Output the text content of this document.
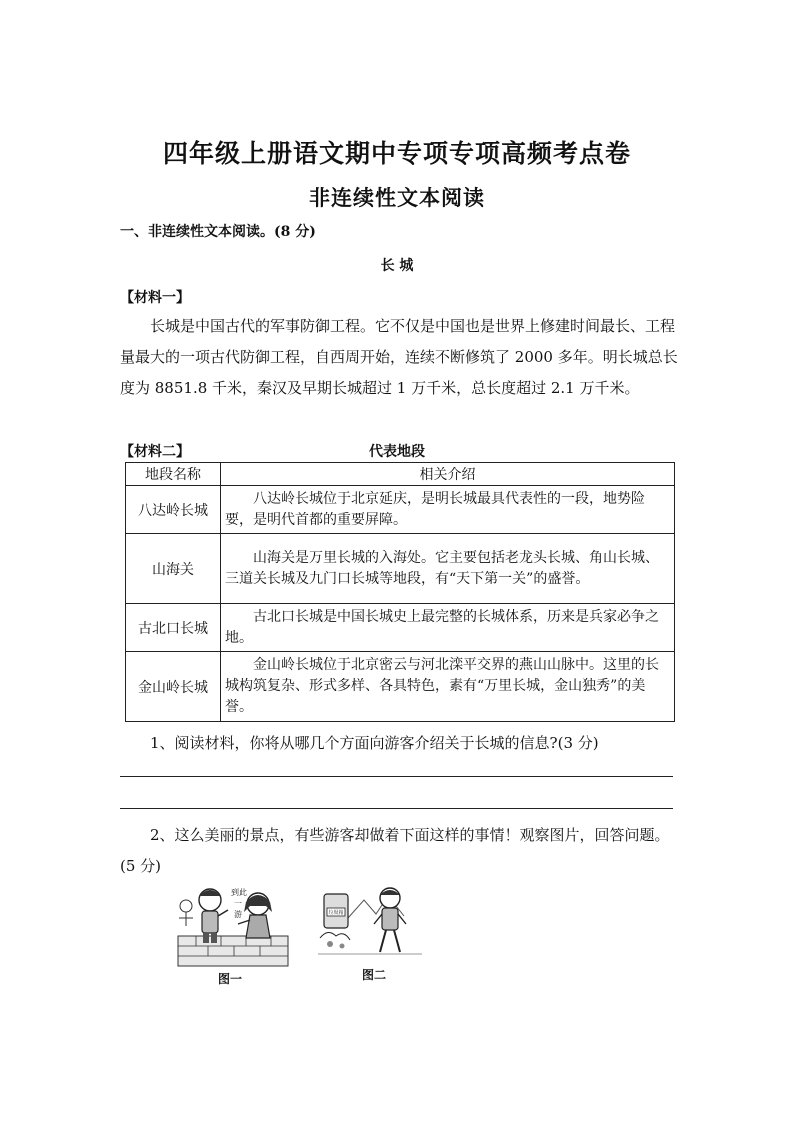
四年级上册语文期中专项专项高频考点卷
非连续性文本阅读
一、非连续性文本阅读。(8 分)
长 城
【材料一】
长城是中国古代的军事防御工程。它不仅是中国也是世界上修建时间最长、工程量最大的一项古代防御工程，自西周开始，连续不断修筑了 2000 多年。明长城总长度为 8851.8 千米，秦汉及早期长城超过 1 万千米，总长度超过 2.1 万千米。
【材料二】	代表地段
地段名称	相关介绍
八达岭长城	八达岭长城位于北京延庆，是明长城最具代表性的一段，地势险要，是明代首都的重要屏障。
山海关	山海关是万里长城的入海处。它主要包括老龙头长城、角山长城、三道关长城及九门口长城等地段，有“天下第一关”的盛誉。
古北口长城	古北口长城是中国长城史上最完整的长城体系，历来是兵家必争之地。
金山岭长城	金山岭长城位于北京密云与河北滦平交界的燕山山脉中。这里的长城构筑复杂、形式多样、各具特色，素有“万里长城，金山独秀”的美誉。
1、阅读材料，你将从哪几个方面向游客介绍关于长城的信息?(3 分)
2、这么美丽的景点，有些游客却做着下面这样的事情！观察图片，回答问题。(5 分)
到此
一
游
图一
垃圾箱
图二
